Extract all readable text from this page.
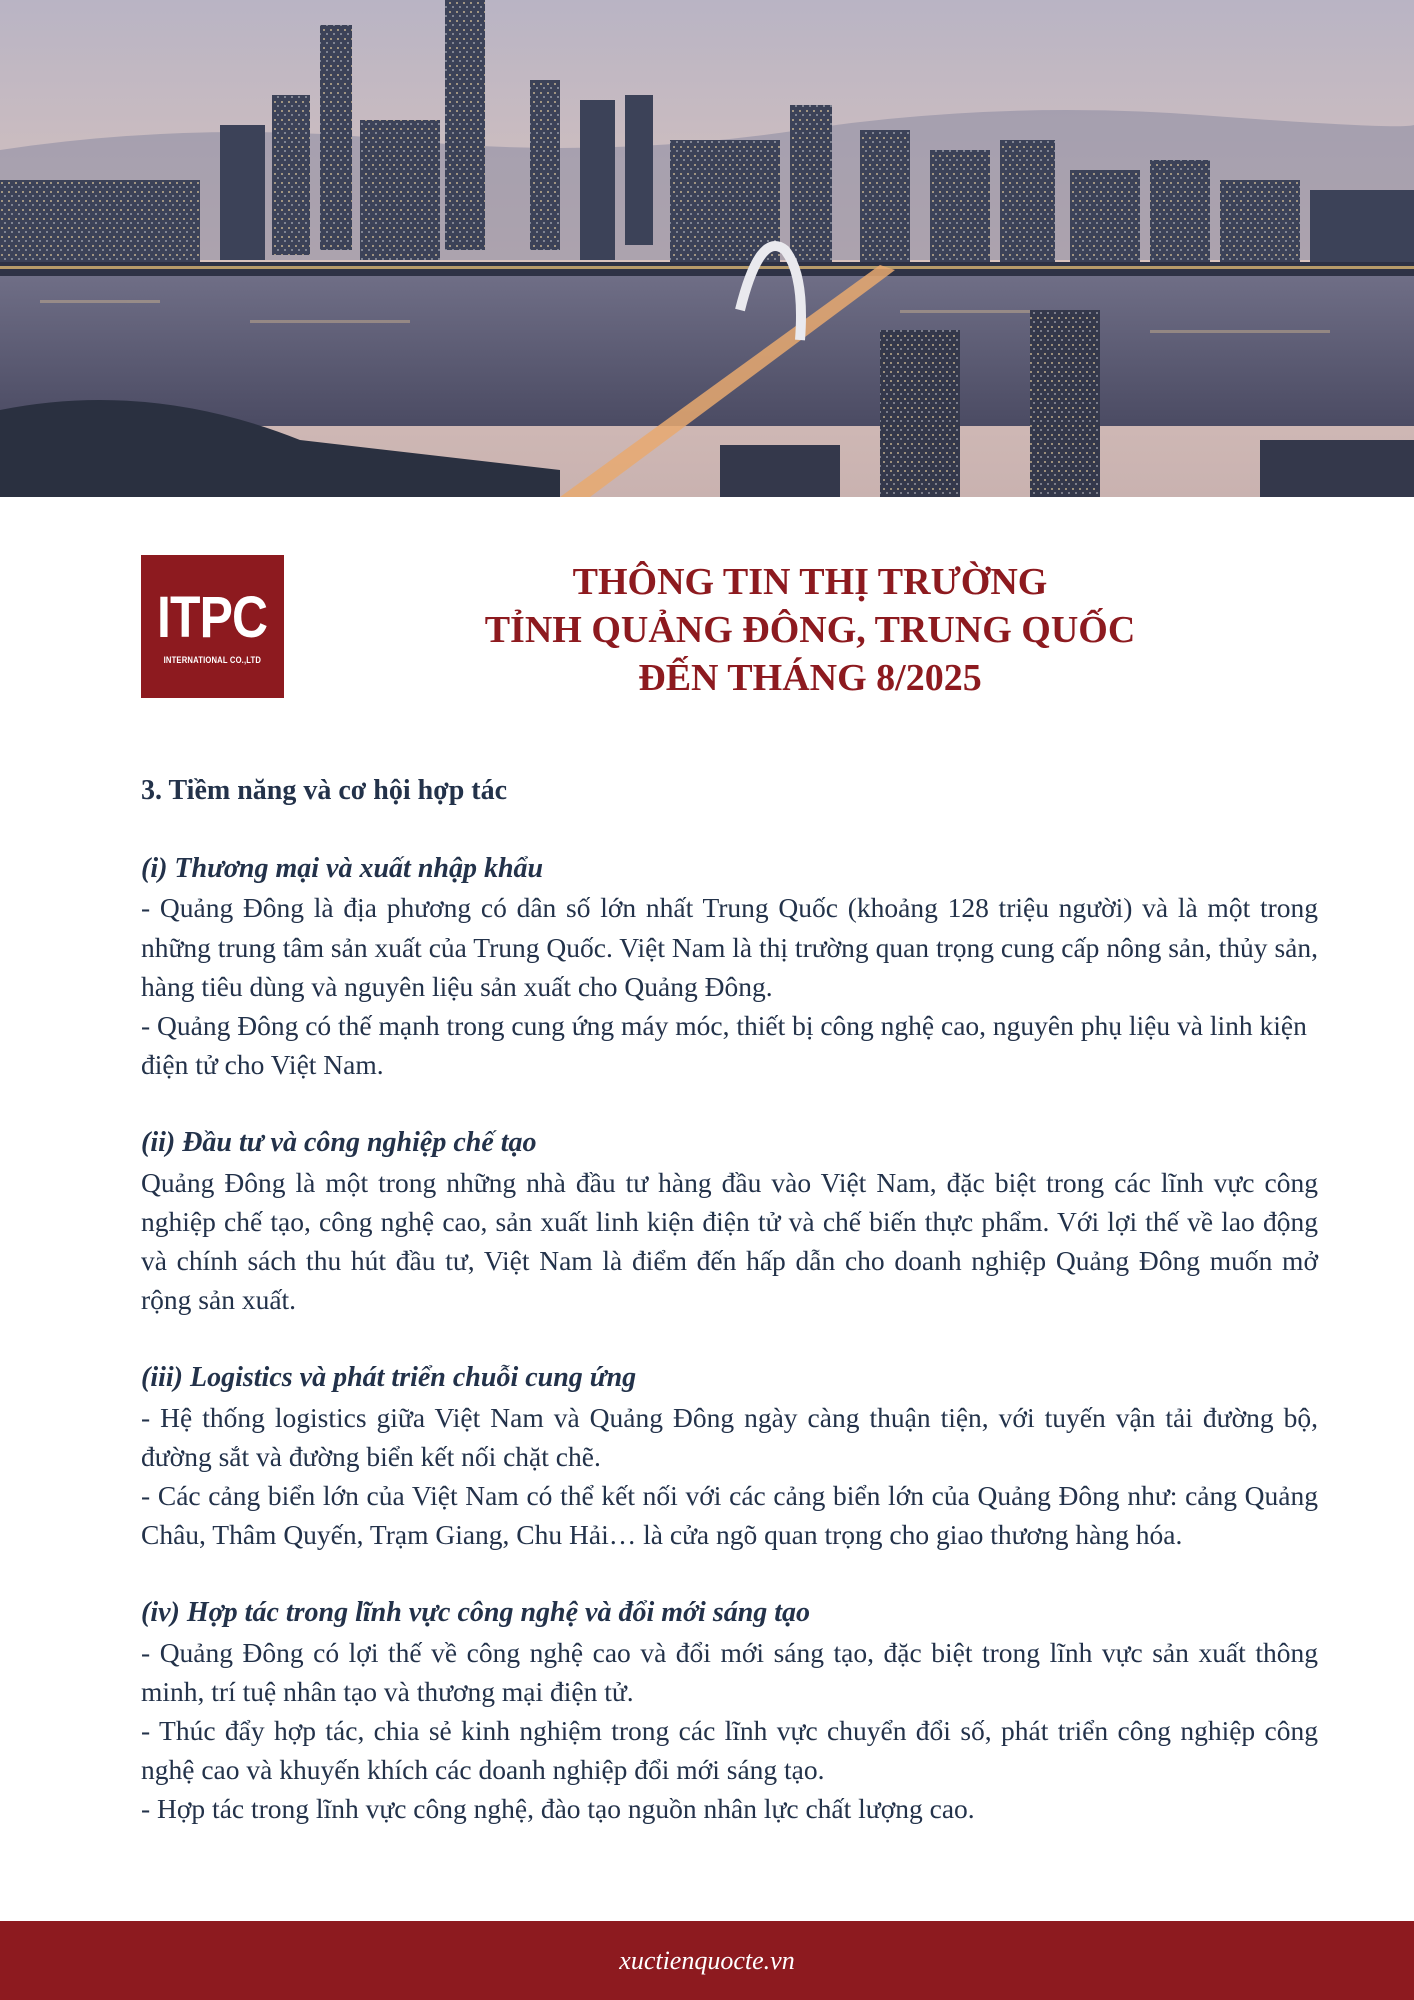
ITPC
INTERNATIONAL CO.,LTD
THÔNG TIN THỊ TRƯỜNG
TỈNH QUẢNG ĐÔNG, TRUNG QUỐC
ĐẾN THÁNG 8/2025

3. Tiềm năng và cơ hội hợp tác

(i) Thương mại và xuất nhập khẩu

- Quảng Đông là địa phương có dân số lớn nhất Trung Quốc (khoảng 128 triệu người) và là một trong những trung tâm sản xuất của Trung Quốc. Việt Nam là thị trường quan trọng cung cấp nông sản, thủy sản, hàng tiêu dùng và nguyên liệu sản xuất cho Quảng Đông.

- Quảng Đông có thế mạnh trong cung ứng máy móc, thiết bị công nghệ cao, nguyên phụ liệu và linh kiện điện tử cho Việt Nam.

(ii) Đầu tư và công nghiệp chế tạo

Quảng Đông là một trong những nhà đầu tư hàng đầu vào Việt Nam, đặc biệt trong các lĩnh vực công nghiệp chế tạo, công nghệ cao, sản xuất linh kiện điện tử và chế biến thực phẩm. Với lợi thế về lao động và chính sách thu hút đầu tư, Việt Nam là điểm đến hấp dẫn cho doanh nghiệp Quảng Đông muốn mở rộng sản xuất.

(iii) Logistics và phát triển chuỗi cung ứng

- Hệ thống logistics giữa Việt Nam và Quảng Đông ngày càng thuận tiện, với tuyến vận tải đường bộ, đường sắt và đường biển kết nối chặt chẽ.

- Các cảng biển lớn của Việt Nam có thể kết nối với các cảng biển lớn của Quảng Đông như: cảng Quảng Châu, Thâm Quyến, Trạm Giang, Chu Hải… là cửa ngõ quan trọng cho giao thương hàng hóa.

(iv) Hợp tác trong lĩnh vực công nghệ và đổi mới sáng tạo

- Quảng Đông có lợi thế về công nghệ cao và đổi mới sáng tạo, đặc biệt trong lĩnh vực sản xuất thông minh, trí tuệ nhân tạo và thương mại điện tử.

- Thúc đẩy hợp tác, chia sẻ kinh nghiệm trong các lĩnh vực chuyển đổi số, phát triển công nghiệp công nghệ cao và khuyến khích các doanh nghiệp đổi mới sáng tạo.

- Hợp tác trong lĩnh vực công nghệ, đào tạo nguồn nhân lực chất lượng cao.

xuctienquocte.vn
